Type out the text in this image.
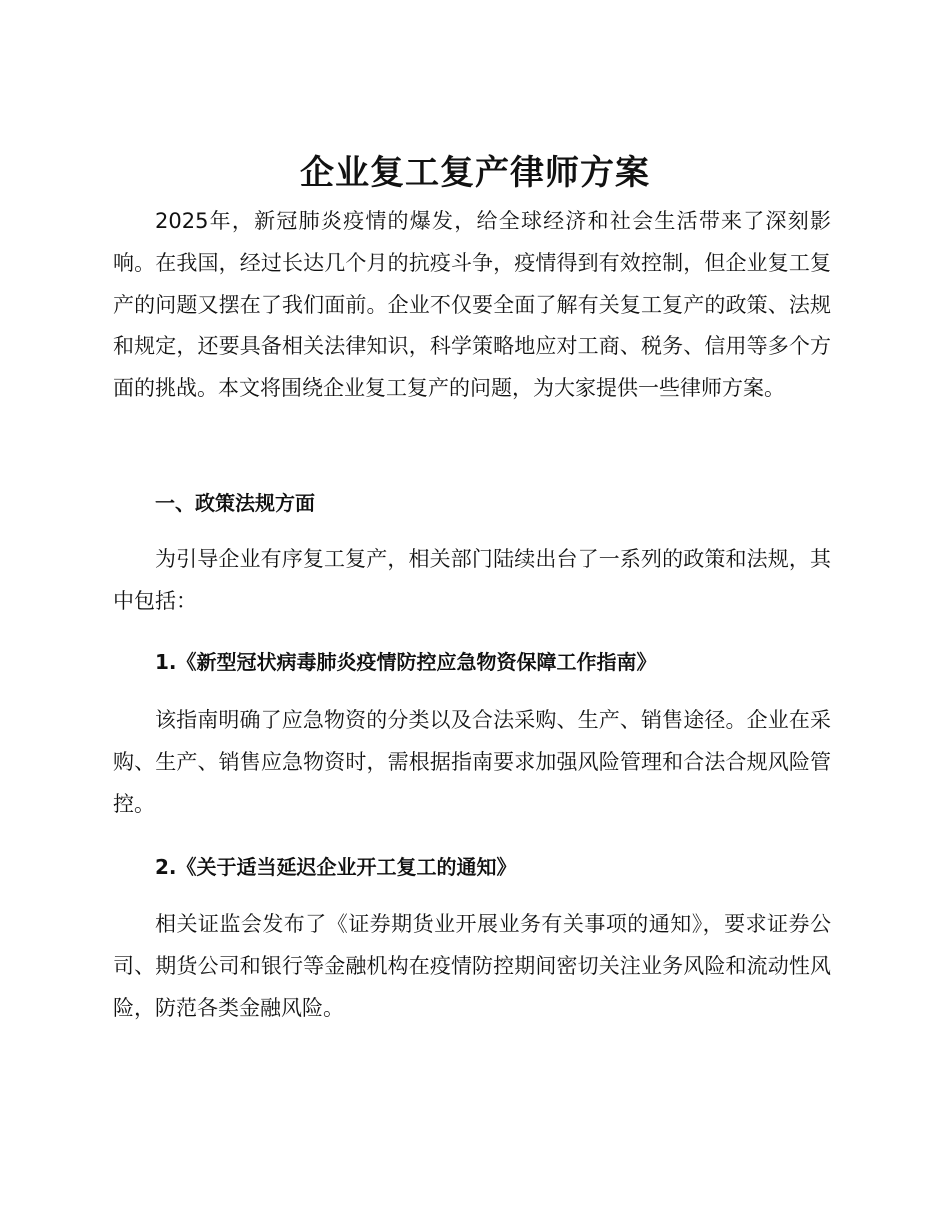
企业复工复产律师方案

2025年，新冠肺炎疫情的爆发，给全球经济和社会生活带来了深刻影响。在我国，经过长达几个月的抗疫斗争，疫情得到有效控制，但企业复工复产的问题又摆在了我们面前。企业不仅要全面了解有关复工复产的政策、法规和规定，还要具备相关法律知识，科学策略地应对工商、税务、信用等多个方面的挑战。本文将围绕企业复工复产的问题，为大家提供一些律师方案。

一、政策法规方面

为引导企业有序复工复产，相关部门陆续出台了一系列的政策和法规，其中包括：

1.《新型冠状病毒肺炎疫情防控应急物资保障工作指南》

该指南明确了应急物资的分类以及合法采购、生产、销售途径。企业在采购、生产、销售应急物资时，需根据指南要求加强风险管理和合法合规风险管控。

2.《关于适当延迟企业开工复工的通知》

相关证监会发布了《证券期货业开展业务有关事项的通知》，要求证券公司、期货公司和银行等金融机构在疫情防控期间密切关注业务风险和流动性风险，防范各类金融风险。
